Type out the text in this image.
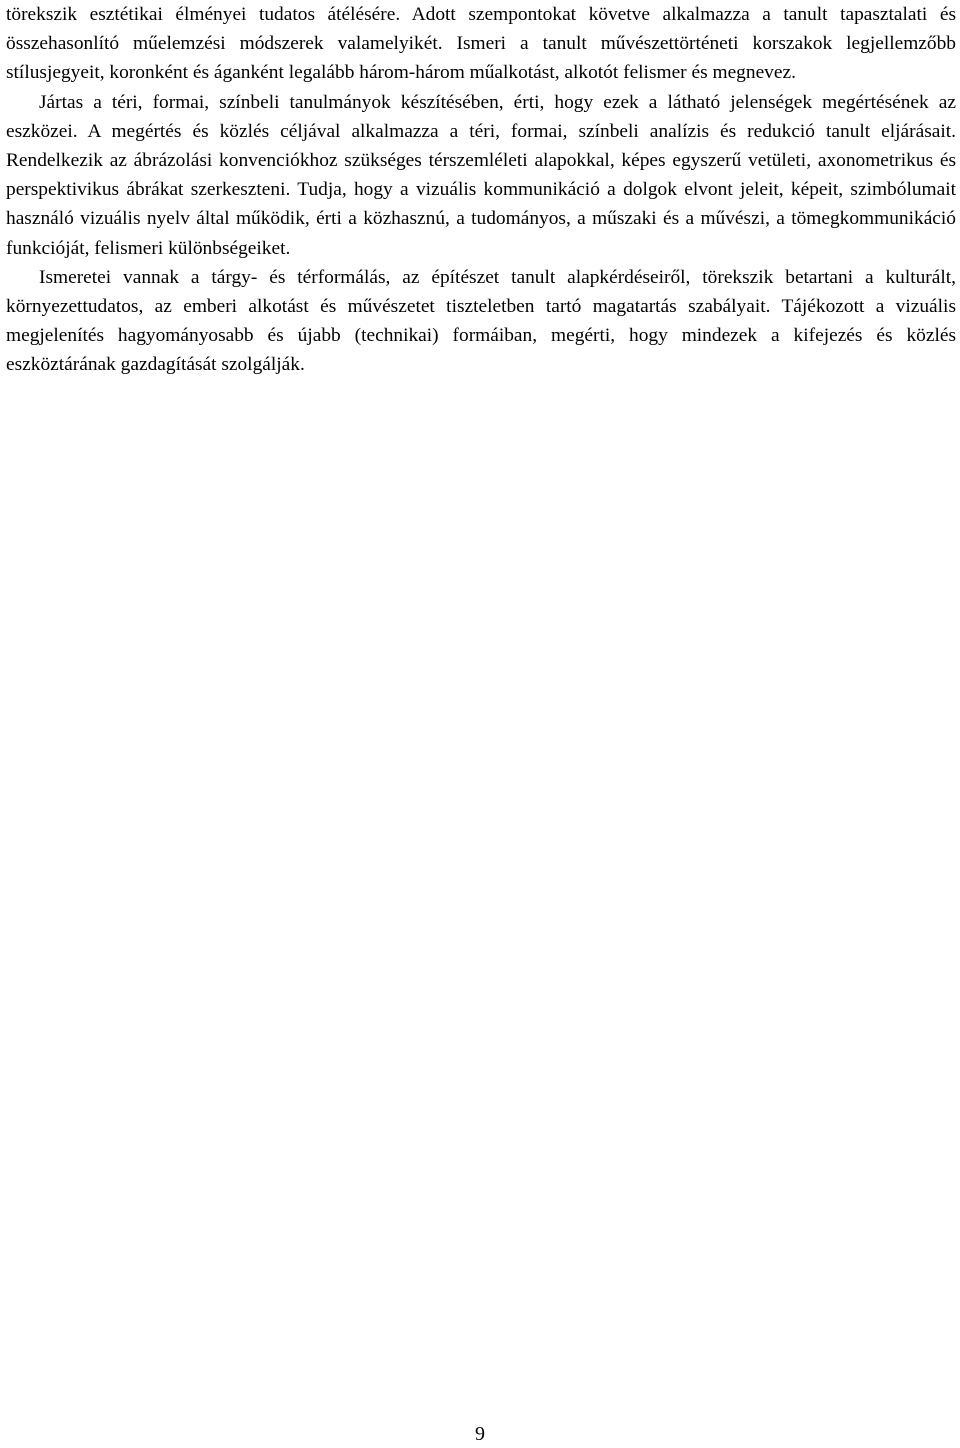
törekszik esztétikai élményei tudatos átélésére. Adott szempontokat követve alkalmazza a tanult tapasztalati és összehasonlító műelemzési módszerek valamelyikét. Ismeri a tanult művészettörténeti korszakok legjellemzőbb stílusjegyeit, koronként és áganként legalább három-három műalkotást, alkotót felismer és megnevez.

Jártas a téri, formai, színbeli tanulmányok készítésében, érti, hogy ezek a látható jelenségek megértésének az eszközei. A megértés és közlés céljával alkalmazza a téri, formai, színbeli analízis és redukció tanult eljárásait. Rendelkezik az ábrázolási konvenciókhoz szükséges térszemléleti alapokkal, képes egyszerű vetületi, axonometrikus és perspektivikus ábrákat szerkeszteni. Tudja, hogy a vizuális kommunikáció a dolgok elvont jeleit, képeit, szimbólumait használó vizuális nyelv által működik, érti a közhasznú, a tudományos, a műszaki és a művészi, a tömegkommunikáció funkcióját, felismeri különbségeiket.

Ismeretei vannak a tárgy- és térformálás, az építészet tanult alapkérdéseiről, törekszik betartani a kulturált, környezettudatos, az emberi alkotást és művészetet tiszteletben tartó magatartás szabályait. Tájékozott a vizuális megjelenítés hagyományosabb és újabb (technikai) formáiban, megérti, hogy mindezek a kifejezés és közlés eszköztárának gazdagítását szolgálják.

9
